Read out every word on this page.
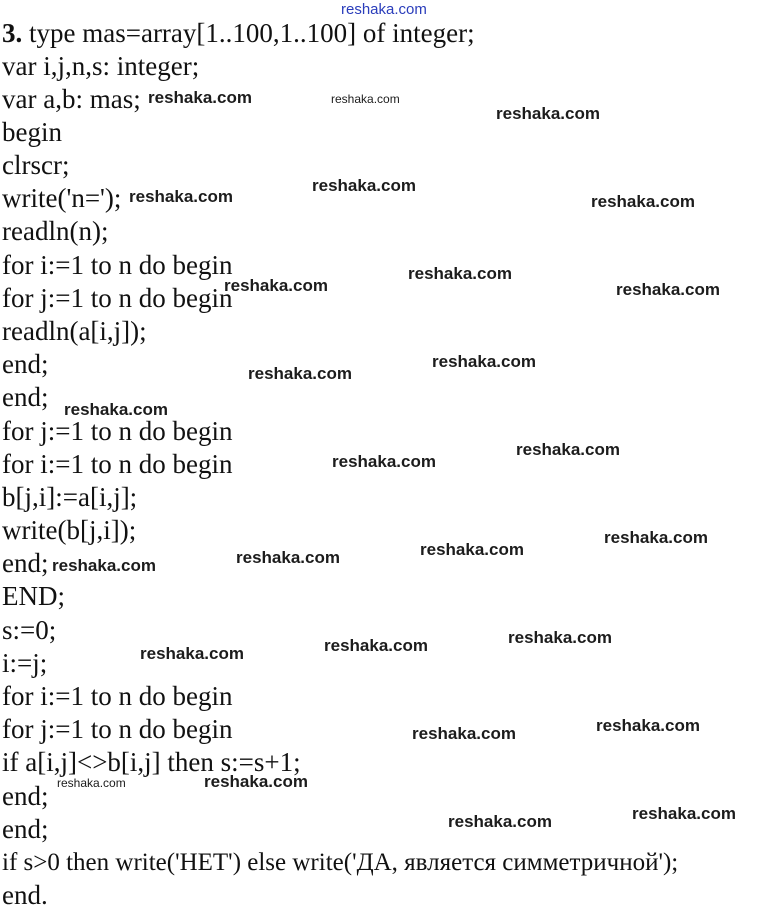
reshaka.com
3. type mas=array[1..100,1..100] of integer;
var i,j,n,s: integer;
var a,b: mas;
begin
clrscr;
write('n=');
readln(n);
for i:=1 to n do begin
for j:=1 to n do begin
readln(a[i,j]);
end;
end;
for j:=1 to n do begin
for i:=1 to n do begin
b[j,i]:=a[i,j];
write(b[j,i]);
end;
END;
s:=0;
i:=j;
for i:=1 to n do begin
for j:=1 to n do begin
if a[i,j]<>b[i,j] then s:=s+1;
end;
end;
if s>0 then write('НЕТ') else write('ДА, является симметричной');
end.
reshaka.com	reshaka.com
reshaka.com
reshaka.com
reshaka.com	reshaka.com
reshaka.com
reshaka.com	reshaka.com
reshaka.com
reshaka.com
reshaka.com
reshaka.com
reshaka.com
reshaka.com
reshaka.com
reshaka.com
reshaka.com
reshaka.com
reshaka.com
reshaka.com
reshaka.com
reshaka.com
reshaka.com	reshaka.com
reshaka.com
reshaka.com
